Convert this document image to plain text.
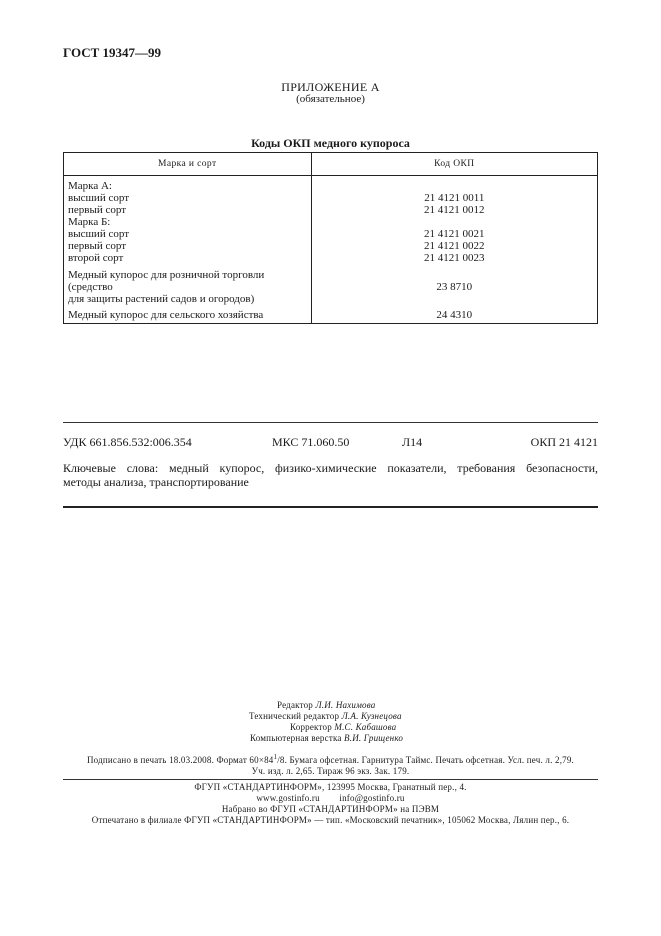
ГОСТ 19347—99
ПРИЛОЖЕНИЕ А
(обязательное)
Коды ОКП медного купороса
Марка и сорт	Код ОКП
Марка А:	
высший сорт	21 4121 0011
первый сорт	21 4121 0012
Марка Б:	
высший сорт	21 4121 0021
первый сорт	21 4121 0022
второй сорт	21 4121 0023

Медный купорос для розничной торговли (средство
для защиты растений садов и огородов)	23 8710
Медный купорос для сельского хозяйства	24 4310
УДК 661.856.532:006.354	МКС 71.060.50	Л14	ОКП 21 4121
Ключевые слова: медный купорос, физико-химические показатели, требования безопасности,
методы анализа, транспортирование
Редактор Л.И. Нахимова
Технический редактор Л.А. Кузнецова
Корректор М.С. Кабашова
Компьютерная верстка В.И. Грищенко
Подписано в печать 18.03.2008. Формат 60×84$^1$/8. Бумага офсетная. Гарнитура Таймс. Печать офсетная. Усл. печ. л. 2,79.
Уч. изд. л. 2,65. Тираж 96 экз. Зак. 179.
ФГУП «СТАНДАРТИНФОРМ», 123995 Москва, Гранатный пер., 4.
www.gostinfo.ru info@gostinfo.ru
Набрано во ФГУП «СТАНДАРТИНФОРМ» на ПЭВМ
Отпечатано в филиале ФГУП «СТАНДАРТИНФОРМ» — тип. «Московский печатник», 105062 Москва, Лялин пер., 6.
